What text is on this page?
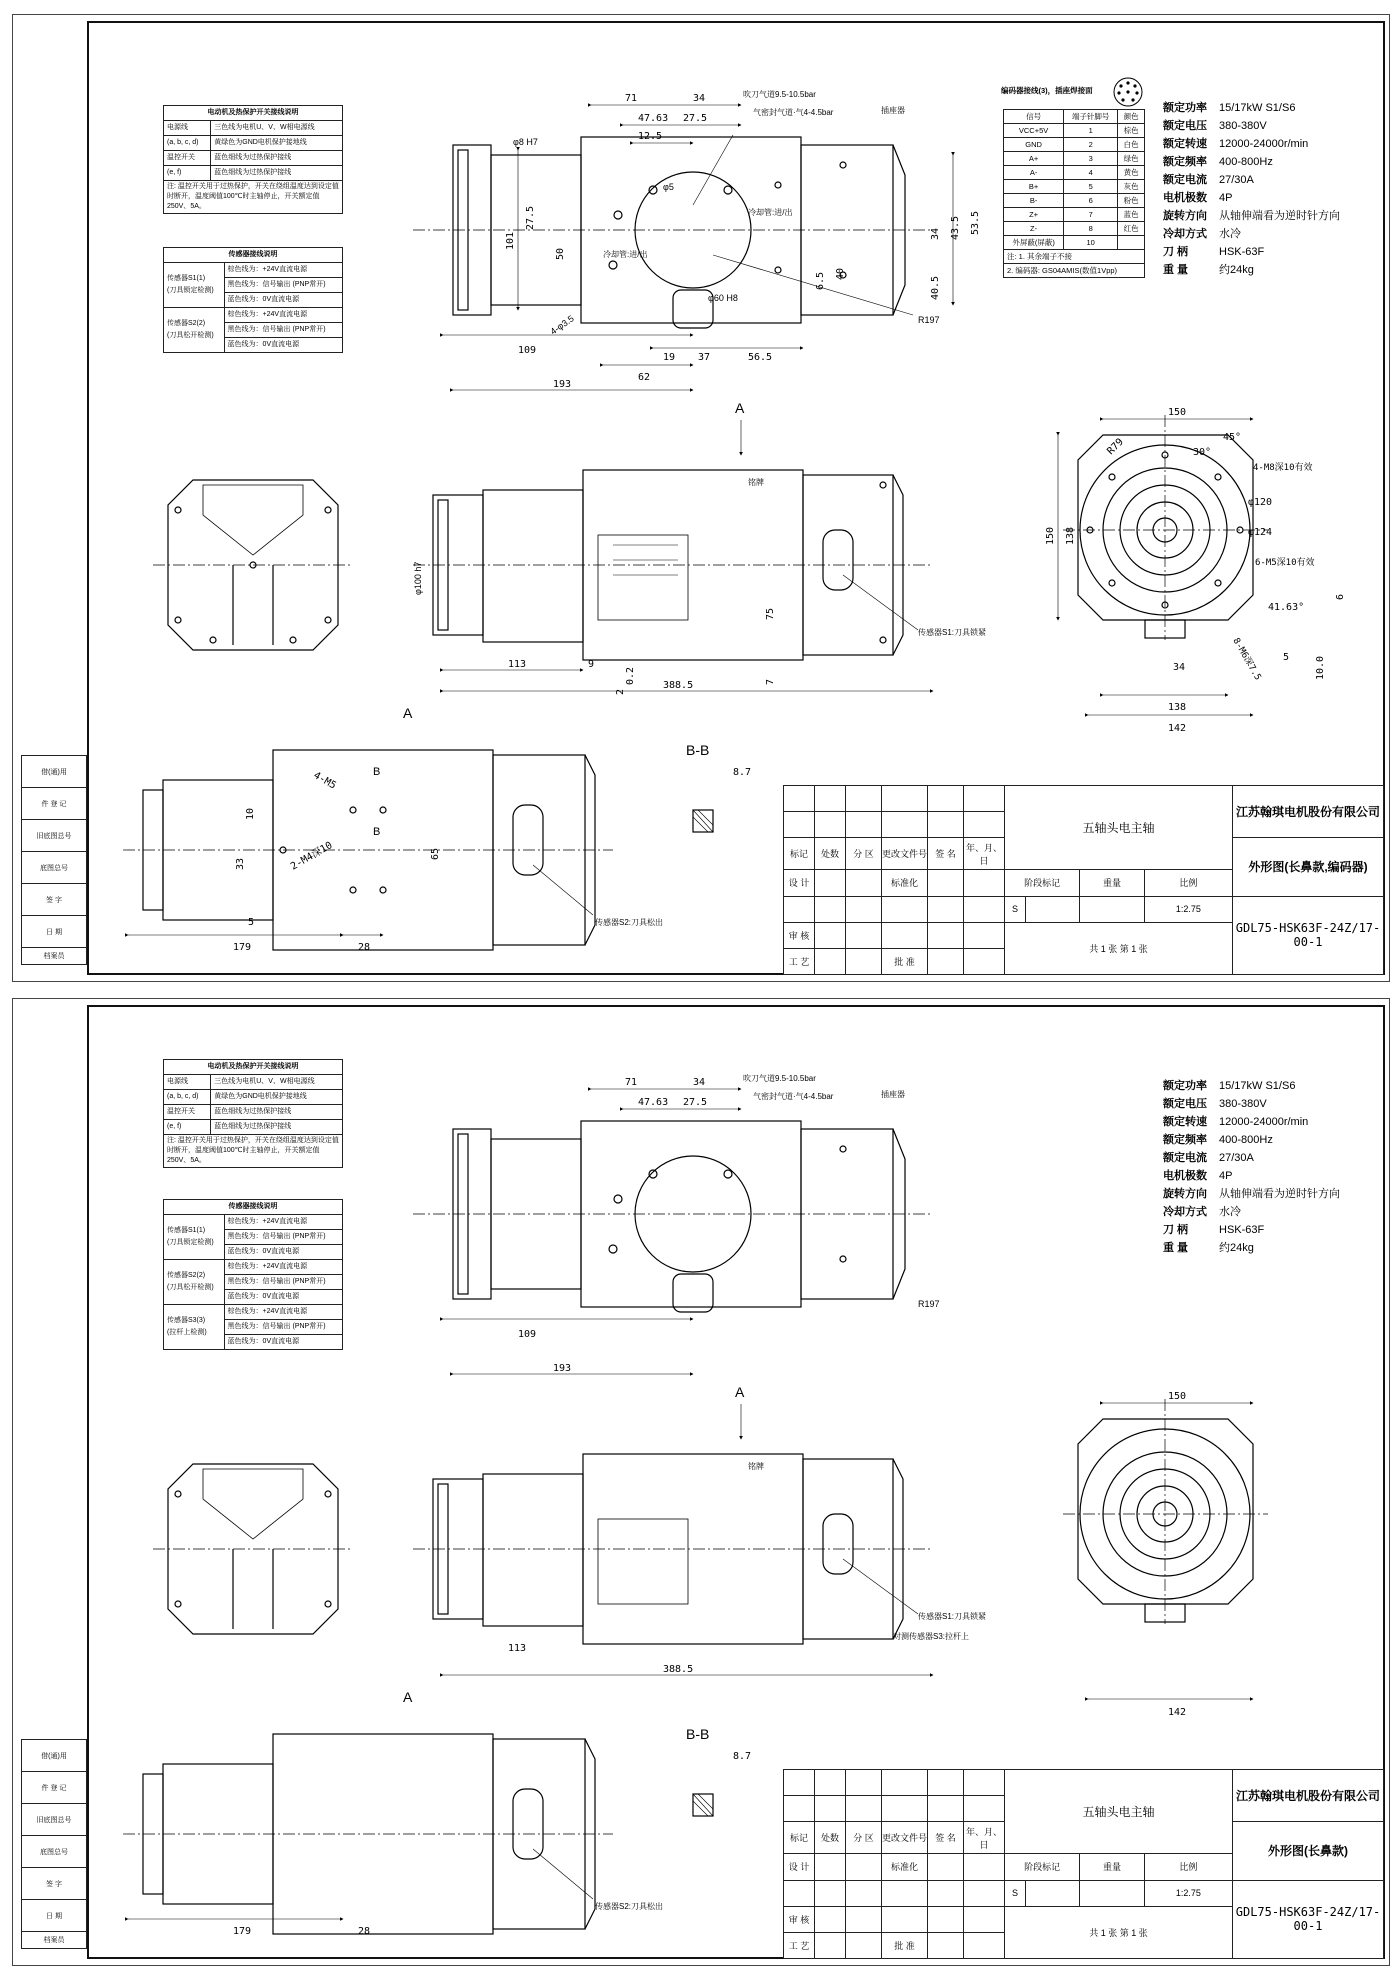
借(通)用
件 登 记
旧底图总号
底图总号
签 字
日 期
档案员
电动机及热保护开关接线说明	
电源线	三色线为电机U、V、W相电源线
(a, b, c, d)	黄绿色为GND电机保护接地线
温控开关	蓝色细线为过热保护接线
(e, f)	蓝色细线为过热保护接线
注: 温控开关用于过热保护，开关在绕组温度达到设定值时断开，温度阈值100℃时主轴停止，开关额定值250V、5A。	
传感器接线说明	

传感器S1(1)
(刀具锁定检测)	棕色线为：+24V直流电源
	黑色线为：信号输出 (PNP常开)
	蓝色线为：0V直流电源

传感器S2(2)
(刀具松开检测)	棕色线为：+24V直流电源
	黑色线为：信号输出 (PNP常开)
	蓝色线为：0V直流电源
编码器接线(3)，插座焊接面
信号	端子针脚号	颜色
VCC+5V	1	棕色
GND	2	白色
A+	3	绿色
A-	4	黄色
B+	5	灰色
B-	6	粉色
Z+	7	蓝色
Z-	8	红色
外屏蔽(屏蔽)	10	
注: 1. 其余端子不接		
2. 编码器: GS04AMIS(数值1Vpp)		
额定功率	15/17kW S1/S6
额定电压	380-380V
额定转速	12000-24000r/min
额定频率	400-800Hz
额定电流	27/30A
电机极数	4P
旋转方向	从轴伸端看为逆时针方向
冷却方式	水冷
刀 柄	HSK-63F
重 量	约24kg
71	34
47.63 27.5
12.5
101
27.5
50
109
193
19 37	56.5
62
34 43.5 53.5
6.5 40
40.5
113	9
388.5
75
7
2
0.2
150
45°
30°
R79
4-M8深10有效
φ120
φ124
6-M5深10有效
41.63°
6
150 138
34
5	10.0
8-M6深7.5
138
142
4-M5
10
33	2-M4深10	65
5
179	28
8.7
吹刀气道9.5-10.5bar
气密封气道·气4-4.5bar	插座器
冷却管:进/出
冷却管:进/出
铭牌
传感器S1:刀具锁紧
传感器S2:刀具松出
R197
φ60 H8
φ8 H7
φ100 h7
4-φ3.5
φ5
A
A
B-B
B
B
							五轴头电主轴				江苏翰琪电机股份有限公司

标记	处数	分 区	更改文件号	签 名	年、月、日					外形图(长鼻款,编码器)
设 计			标准化			阶段标记		重量	比例	
						S			1:2.75	GDL75-HSK63F-24Z/17-00-1
审 核						共 1 张 第 1 张				
工 艺			批 准							
借(通)用
件 登 记
旧底图总号
底图总号
签 字
日 期
档案员
电动机及热保护开关接线说明	
电源线	三色线为电机U、V、W相电源线
(a, b, c, d)	黄绿色为GND电机保护接地线
温控开关	蓝色细线为过热保护接线
(e, f)	蓝色细线为过热保护接线
注: 温控开关用于过热保护，开关在绕组温度达到设定值时断开，温度阈值100℃时主轴停止，开关额定值250V、5A。	
传感器接线说明	

传感器S1(1)
(刀具锁定检测)	棕色线为：+24V直流电源
	黑色线为：信号输出 (PNP常开)
	蓝色线为：0V直流电源

传感器S2(2)
(刀具松开检测)	棕色线为：+24V直流电源
	黑色线为：信号输出 (PNP常开)
	蓝色线为：0V直流电源

传感器S3(3)
(拉杆上检测)	棕色线为：+24V直流电源
	黑色线为：信号输出 (PNP常开)
	蓝色线为：0V直流电源
额定功率	15/17kW S1/S6
额定电压	380-380V
额定转速	12000-24000r/min
额定频率	400-800Hz
额定电流	27/30A
电机极数	4P
旋转方向	从轴伸端看为逆时针方向
冷却方式	水冷
刀 柄	HSK-63F
重 量	约24kg
71	34
47.63 27.5
109
193
388.5
113
150
142
179	28
8.7
吹刀气道9.5-10.5bar
气密封气道·气4-4.5bar	插座器
铭牌
传感器S1:刀具锁紧
对测传感器S3:拉杆上
传感器S2:刀具松出
R197
A
A
B-B
						五轴头电主轴				江苏翰琪电机股份有限公司

标记	处数	分 区	更改文件号	签 名	年、月、日					外形图(长鼻款)
设 计			标准化			阶段标记		重量	比例	
						S			1:2.75	GDL75-HSK63F-24Z/17-00-1
审 核						共 1 张 第 1 张				
工 艺			批 准							
